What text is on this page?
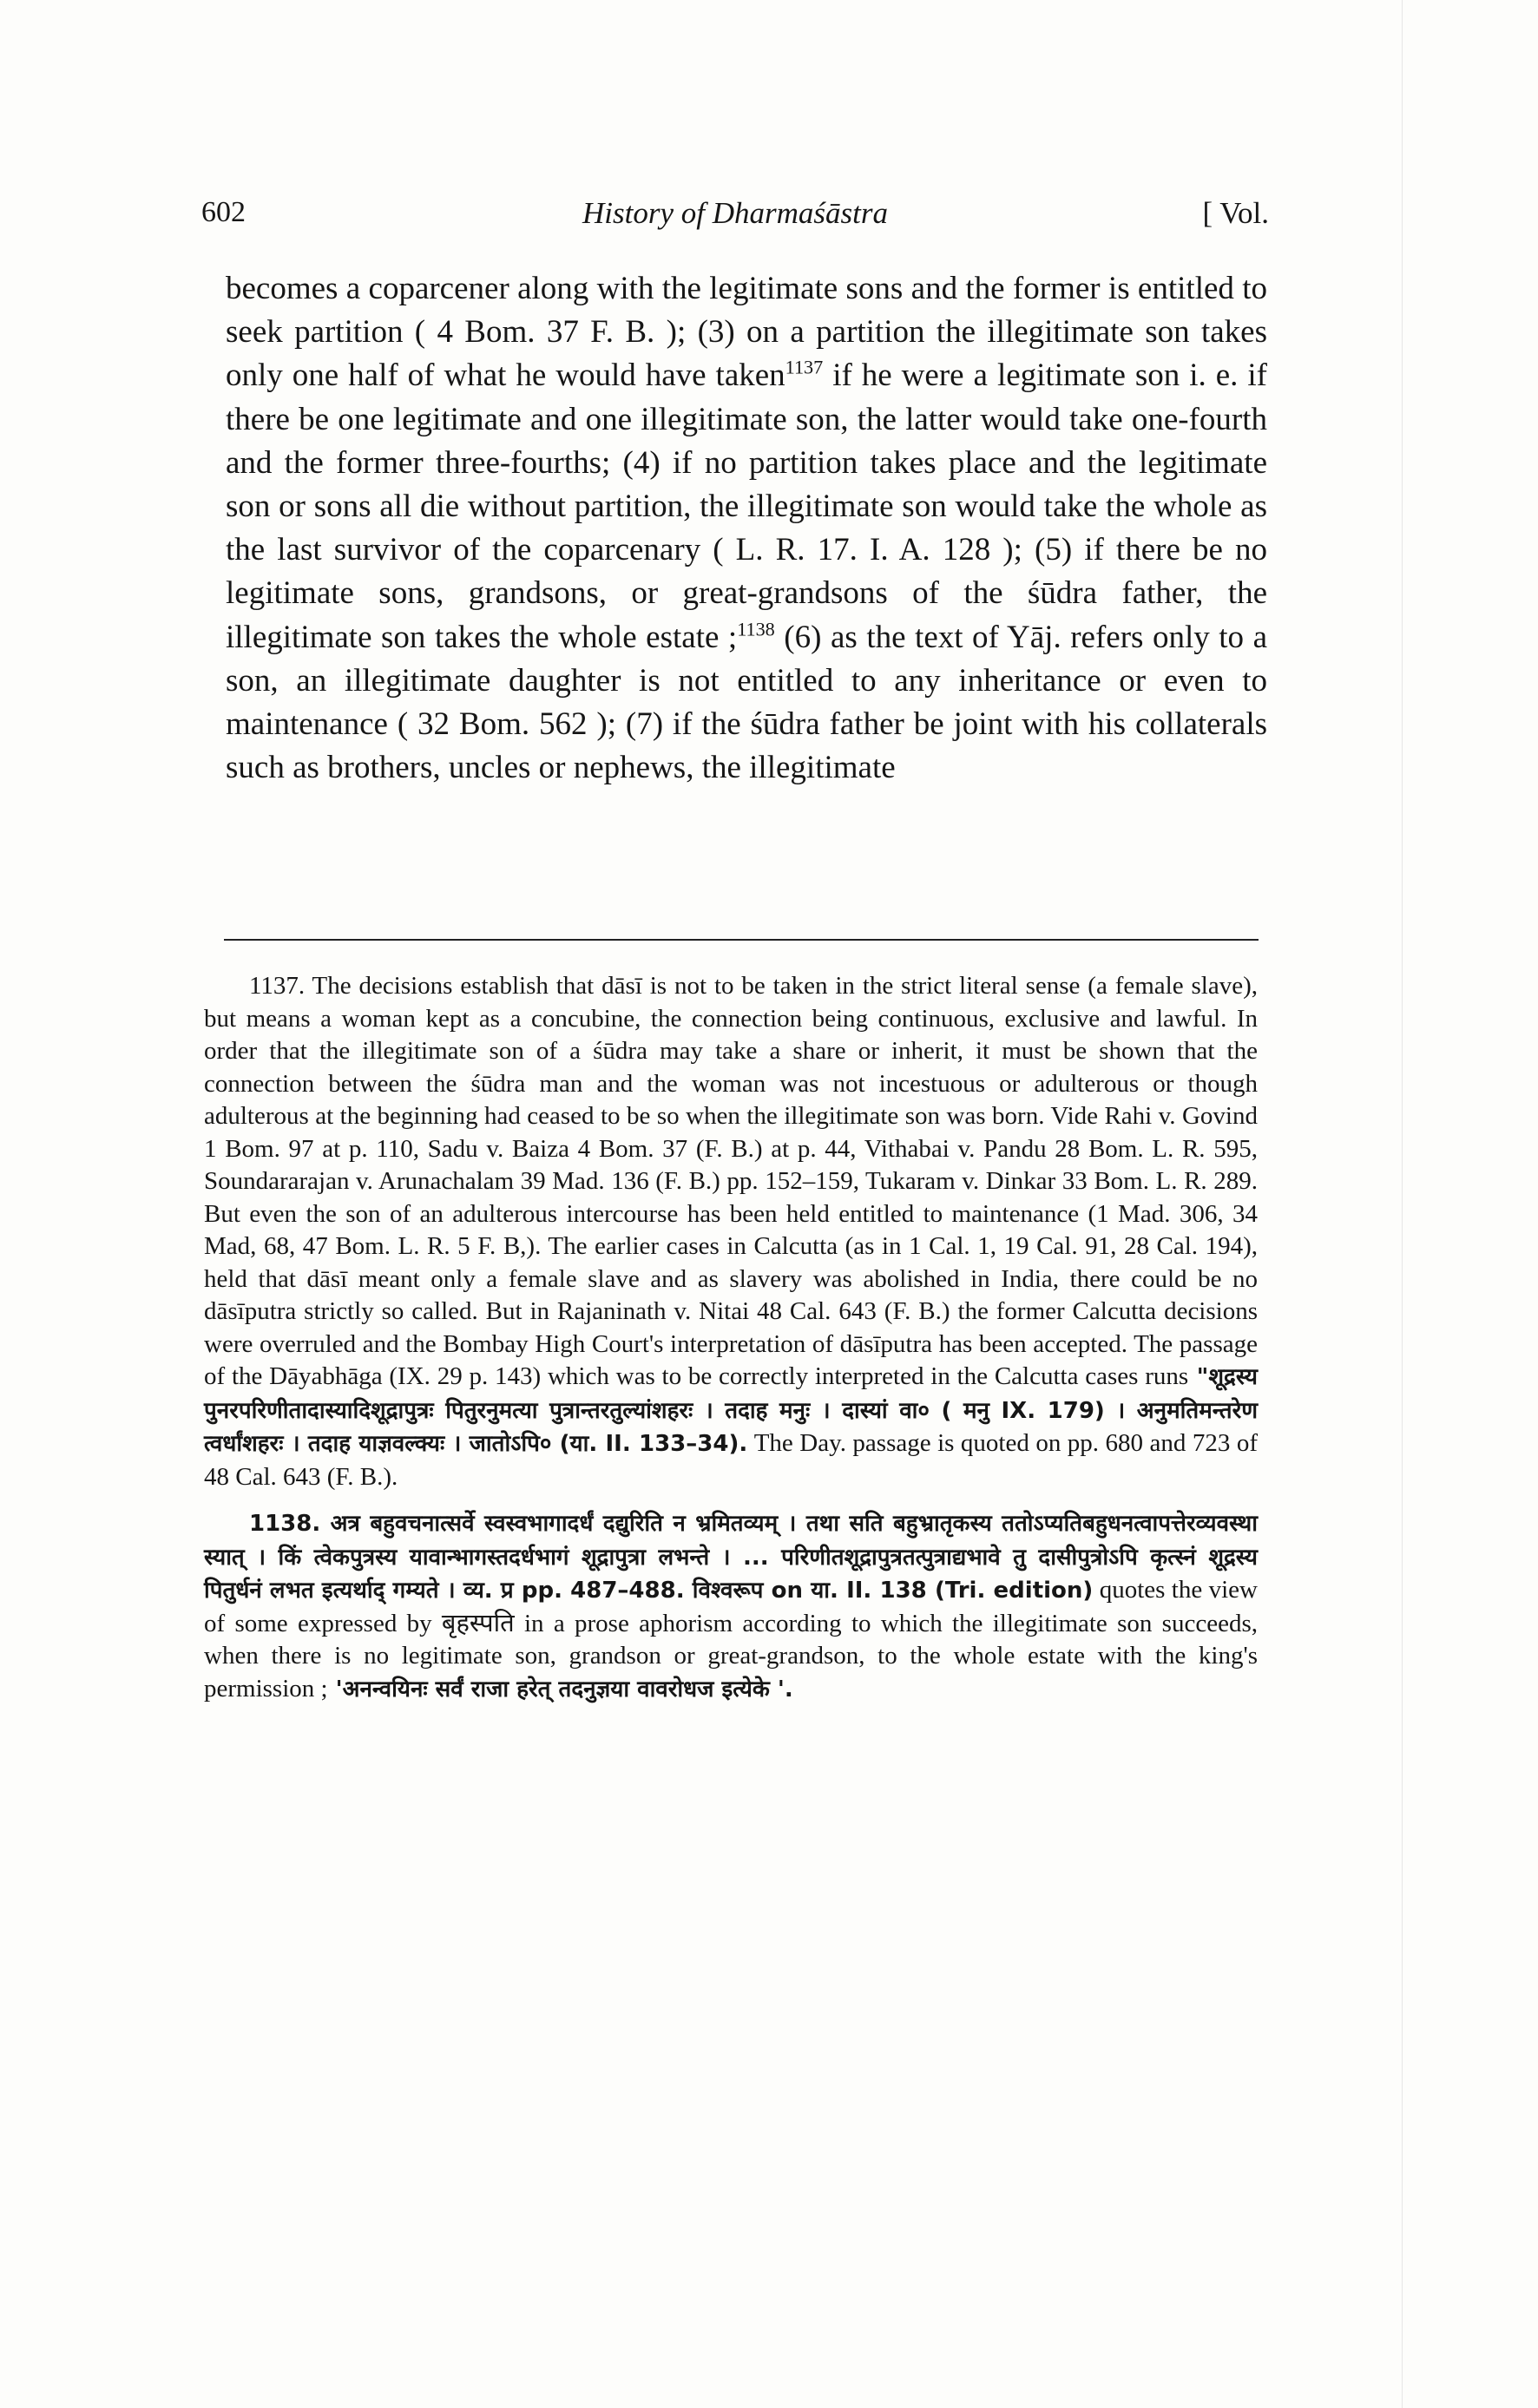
602	History of Dharmaśāstra	[ Vol.

becomes a coparcener along with the legitimate sons and the former is entitled to seek partition ( 4 Bom. 37 F. B. ); (3) on a partition the illegitimate son takes only one half of what he would have taken$^{1137}$ if he were a legitimate son i. e. if there be one legitimate and one illegitimate son, the latter would take one-fourth and the former three-fourths; (4) if no partition takes place and the legitimate son or sons all die without partition, the illegitimate son would take the whole as the last survivor of the coparcenary ( L. R. 17. I. A. 128 ); (5) if there be no legitimate sons, grandsons, or great-grandsons of the śūdra father, the illegitimate son takes the whole estate ;$^{1138}$ (6) as the text of Yāj. refers only to a son, an illegitimate daughter is not entitled to any inheritance or even to maintenance ( 32 Bom. 562 ); (7) if the śūdra father be joint with his collaterals such as brothers, uncles or nephews, the illegitimate

1137. The decisions establish that dāsī is not to be taken in the strict literal sense (a female slave), but means a woman kept as a concubine, the connection being continuous, exclusive and lawful. In order that the illegitimate son of a śūdra may take a share or inherit, it must be shown that the connection between the śūdra man and the woman was not incestuous or adulterous or though adulterous at the beginning had ceased to be so when the illegitimate son was born. Vide Rahi v. Govind 1 Bom. 97 at p. 110, Sadu v. Baiza 4 Bom. 37 (F. B.) at p. 44, Vithabai v. Pandu 28 Bom. L. R. 595, Soundararajan v. Arunachalam 39 Mad. 136 (F. B.) pp. 152–159, Tukaram v. Dinkar 33 Bom. L. R. 289. But even the son of an adulterous intercourse has been held entitled to maintenance (1 Mad. 306, 34 Mad, 68, 47 Bom. L. R. 5 F. B,). The earlier cases in Calcutta (as in 1 Cal. 1, 19 Cal. 91, 28 Cal. 194), held that dāsī meant only a female slave and as slavery was abolished in India, there could be no dāsīputra strictly so called. But in Rajaninath v. Nitai 48 Cal. 643 (F. B.) the former Calcutta decisions were overruled and the Bombay High Court's interpretation of dāsīputra has been accepted. The passage of the Dāyabhāga (IX. 29 p. 143) which was to be correctly interpreted in the Calcutta cases runs "शूद्रस्य पुनरपरिणीतादास्यादिशूद्रापुत्रः पितुरनुमत्या पुत्रान्तरतुल्यांशहरः । तदाह मनुः । दास्यां वा० ( मनु IX. 179) । अनुमतिमन्तरेण त्वर्धांशहरः । तदाह याज्ञवल्क्यः । जातोऽपि० (या. II. 133–34). The Day. passage is quoted on pp. 680 and 723 of 48 Cal. 643 (F. B.).

1138. अत्र बहुवचनात्सर्वे स्वस्वभागादर्धं दद्युरिति न भ्रमितव्यम् । तथा सति बहुभ्रातृकस्य ततोऽप्यतिबहुधनत्वापत्तेरव्यवस्था स्यात् । किं त्वेकपुत्रस्य यावान्भागस्तदर्धभागं शूद्रापुत्रा लभन्ते । ... परिणीतशूद्रापुत्रतत्पुत्राद्यभावे तु दासीपुत्रोऽपि कृत्स्नं शूद्रस्य पितुर्धनं लभत इत्यर्थाद् गम्यते । व्य. प्र pp. 487–488. विश्वरूप on या. II. 138 (Tri. edition) quotes the view of some expressed by बृहस्पति in a prose aphorism according to which the illegitimate son succeeds, when there is no legitimate son, grandson or great-grandson, to the whole estate with the king's permission ; 'अनन्वयिनः सर्वं राजा हरेत् तदनुज्ञया वावरोधज इत्येके '.
